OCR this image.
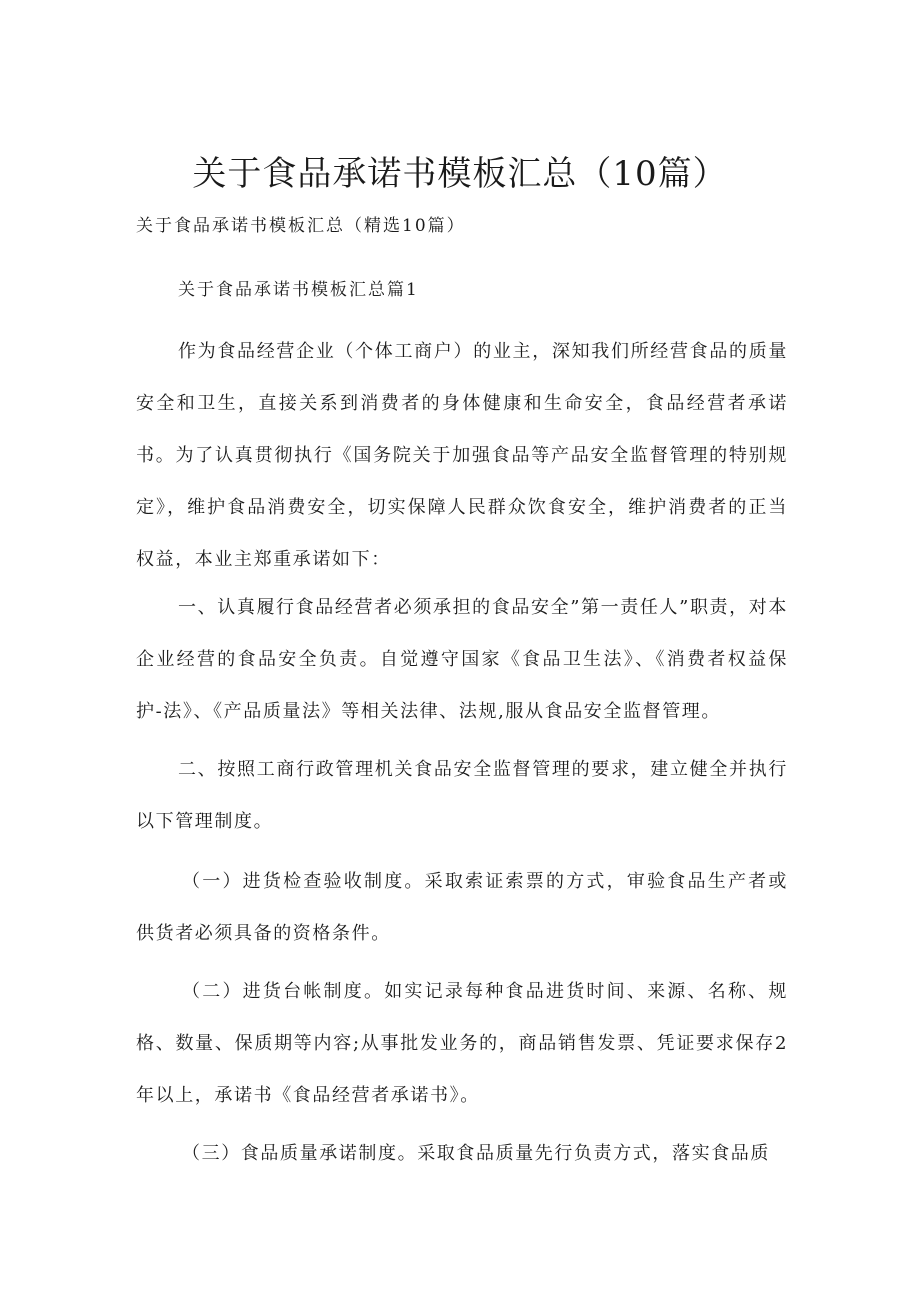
关于食品承诺书模板汇总（10篇）

关于食品承诺书模板汇总（精选10篇）

关于食品承诺书模板汇总篇1

作为食品经营企业（个体工商户）的业主，深知我们所经营食品的质量安全和卫生，直接关系到消费者的身体健康和生命安全，食品经营者承诺书。为了认真贯彻执行《国务院关于加强食品等产品安全监督管理的特别规定》，维护食品消费安全，切实保障人民群众饮食安全，维护消费者的正当权益，本业主郑重承诺如下：

一、认真履行食品经营者必须承担的食品安全”第一责任人”职责，对本企业经营的食品安全负责。自觉遵守国家《食品卫生法》、《消费者权益保护-法》、《产品质量法》等相关法律、法规,服从食品安全监督管理。

二、按照工商行政管理机关食品安全监督管理的要求，建立健全并执行以下管理制度。

（一）进货检查验收制度。采取索证索票的方式，审验食品生产者或供货者必须具备的资格条件。

（二）进货台帐制度。如实记录每种食品进货时间、来源、名称、规格、数量、保质期等内容;从事批发业务的，商品销售发票、凭证要求保存2年以上，承诺书《食品经营者承诺书》。

（三）食品质量承诺制度。采取食品质量先行负责方式，落实食品质
